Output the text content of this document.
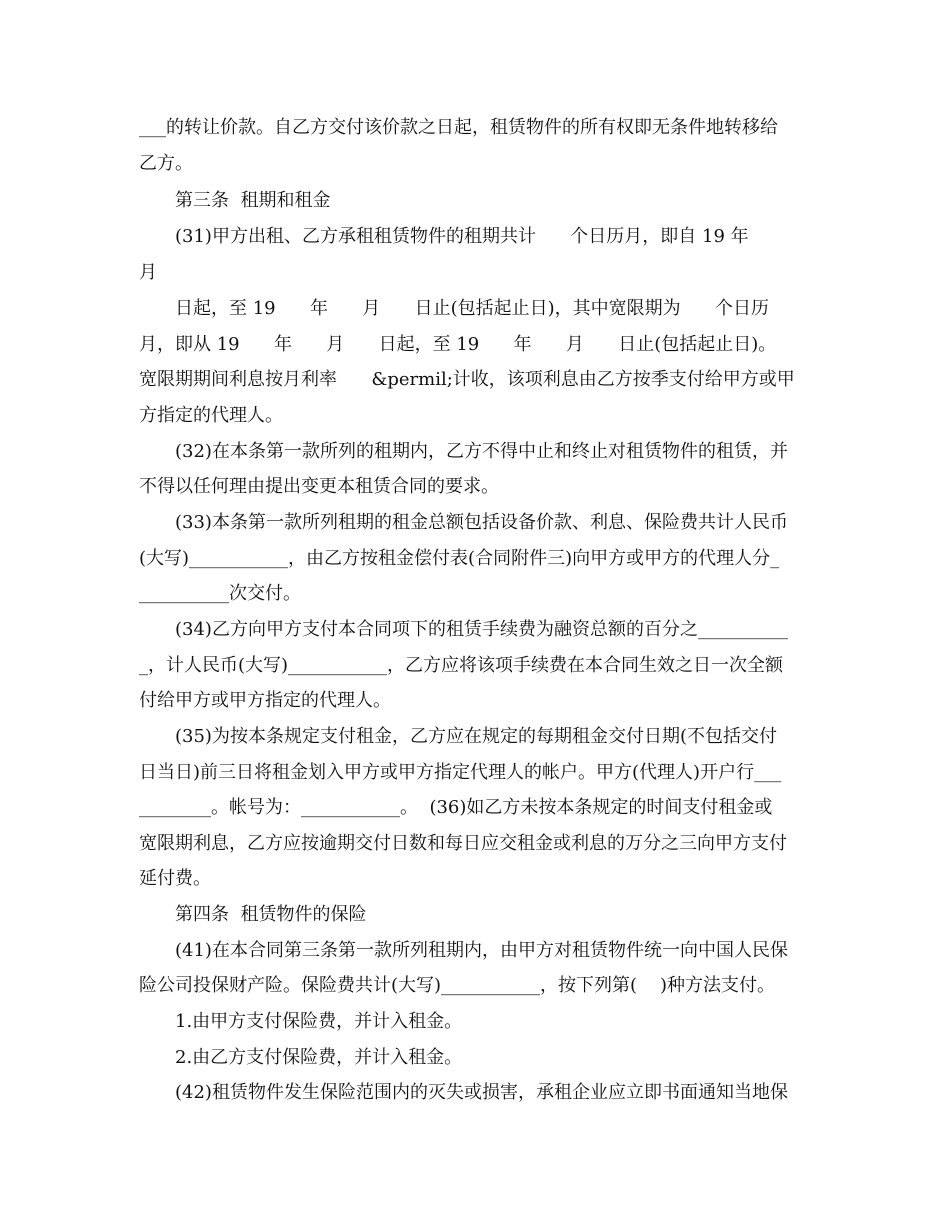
___的转让价款。自乙方交付该价款之日起，租赁物件的所有权即无条件地转移给
乙方。
第三条  租期和租金
(31)甲方出租、乙方承租租赁物件的租期共计      个日历月，即自 19 年
月
日起，至 19      年      月      日止(包括起止日)，其中宽限期为      个日历
月，即从 19      年      月      日起，至 19      年      月      日止(包括起止日)。
宽限期期间利息按月利率      &permil;计收，该项利息由乙方按季支付给甲方或甲
方指定的代理人。
(32)在本条第一款所列的租期内，乙方不得中止和终止对租赁物件的租赁，并
不得以任何理由提出变更本租赁合同的要求。
(33)本条第一款所列租期的租金总额包括设备价款、利息、保险费共计人民币
(大写)___________，由乙方按租金偿付表(合同附件三)向甲方或甲方的代理人分_
__________次交付。
(34)乙方向甲方支付本合同项下的租赁手续费为融资总额的百分之__________
_，计人民币(大写)___________，乙方应将该项手续费在本合同生效之日一次全额
付给甲方或甲方指定的代理人。
(35)为按本条规定支付租金，乙方应在规定的每期租金交付日期(不包括交付
日当日)前三日将租金划入甲方或甲方指定代理人的帐户。甲方(代理人)开户行___
________。帐号为：___________。  (36)如乙方未按本条规定的时间支付租金或
宽限期利息，乙方应按逾期交付日数和每日应交租金或利息的万分之三向甲方支付
延付费。
第四条  租赁物件的保险
(41)在本合同第三条第一款所列租期内，由甲方对租赁物件统一向中国人民保
险公司投保财产险。保险费共计(大写)___________，按下列第(    )种方法支付。
1.由甲方支付保险费，并计入租金。
2.由乙方支付保险费，并计入租金。
(42)租赁物件发生保险范围内的灭失或损害，承租企业应立即书面通知当地保
